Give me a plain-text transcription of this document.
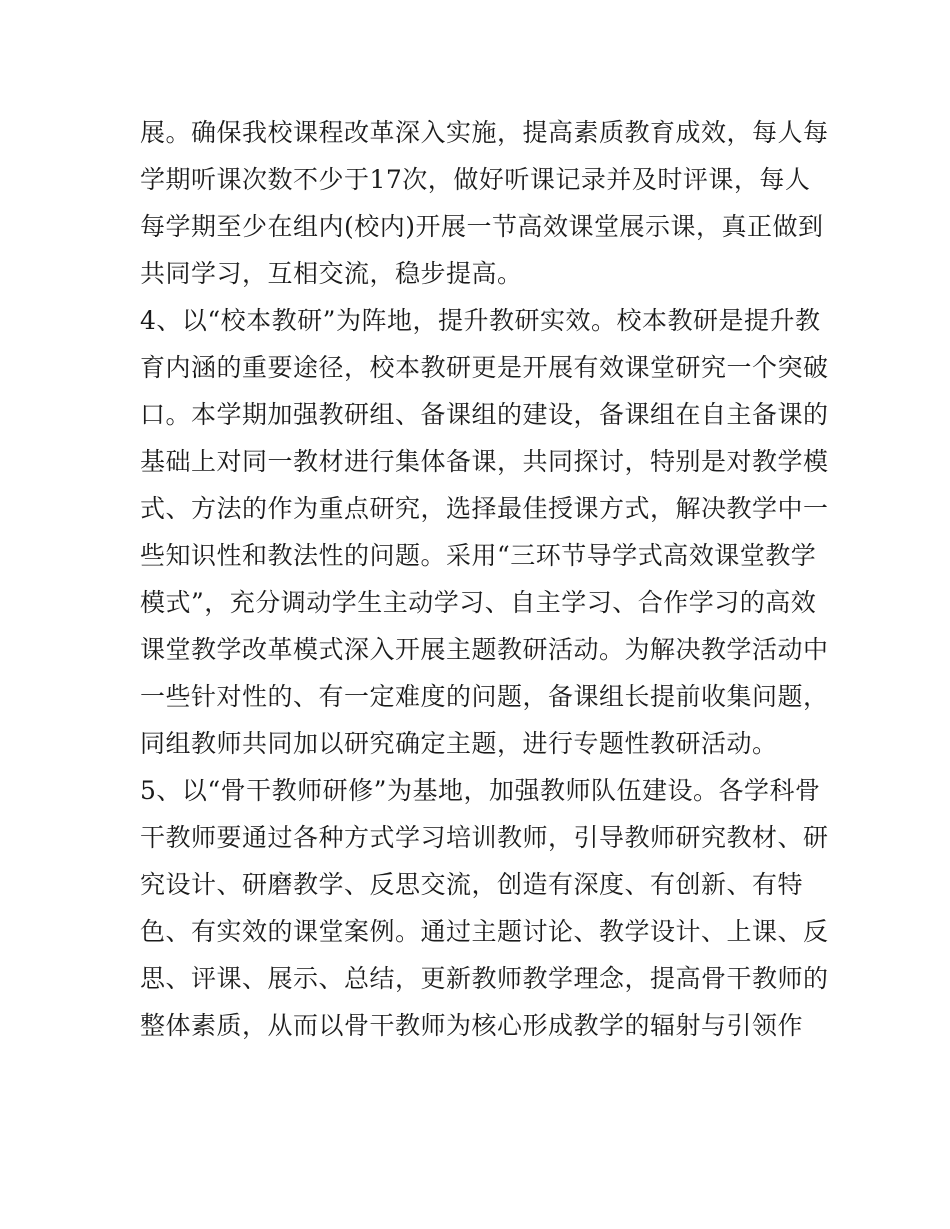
展。确保我校课程改革深入实施，提高素质教育成效，每人每
学期听课次数不少于17次，做好听课记录并及时评课，每人
每学期至少在组内(校内)开展一节高效课堂展示课，真正做到
共同学习，互相交流，稳步提高。
4、以“校本教研”为阵地，提升教研实效。校本教研是提升教
育内涵的重要途径，校本教研更是开展有效课堂研究一个突破
口。本学期加强教研组、备课组的建设，备课组在自主备课的
基础上对同一教材进行集体备课，共同探讨，特别是对教学模
式、方法的作为重点研究，选择最佳授课方式，解决教学中一
些知识性和教法性的问题。采用“三环节导学式高效课堂教学
模式”，充分调动学生主动学习、自主学习、合作学习的高效
课堂教学改革模式深入开展主题教研活动。为解决教学活动中
一些针对性的、有一定难度的问题，备课组长提前收集问题，
同组教师共同加以研究确定主题，进行专题性教研活动。
5、以“骨干教师研修”为基地，加强教师队伍建设。各学科骨
干教师要通过各种方式学习培训教师，引导教师研究教材、研
究设计、研磨教学、反思交流，创造有深度、有创新、有特
色、有实效的课堂案例。通过主题讨论、教学设计、上课、反
思、评课、展示、总结，更新教师教学理念，提高骨干教师的
整体素质，从而以骨干教师为核心形成教学的辐射与引领作
